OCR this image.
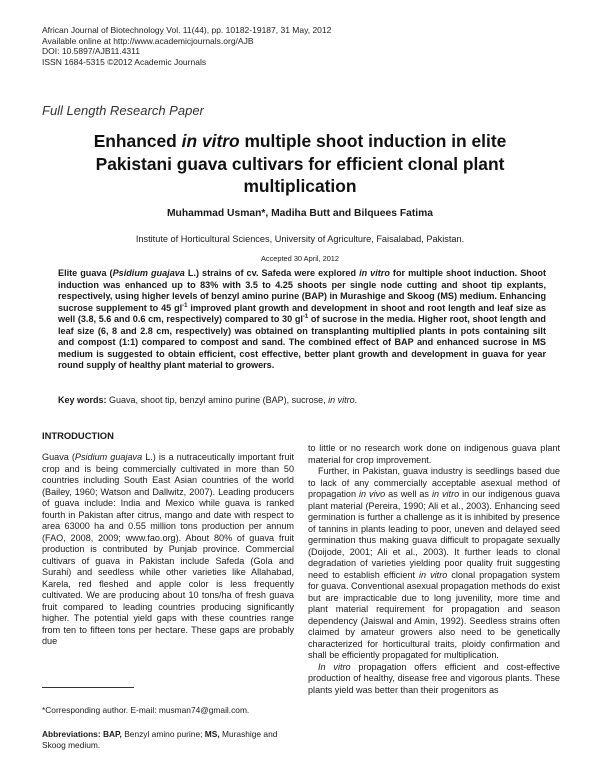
African Journal of Biotechnology Vol. 11(44), pp. 10182-19187, 31 May, 2012
Available online at http://www.academicjournals.org/AJB
DOI: 10.5897/AJB11.4311
ISSN 1684-5315 ©2012 Academic Journals
Full Length Research Paper
Enhanced in vitro multiple shoot induction in elite Pakistani guava cultivars for efficient clonal plant multiplication
Muhammad Usman*, Madiha Butt and Bilquees Fatima
Institute of Horticultural Sciences, University of Agriculture, Faisalabad, Pakistan.
Accepted 30 April, 2012
Elite guava (Psidium guajava L.) strains of cv. Safeda were explored in vitro for multiple shoot induction. Shoot induction was enhanced up to 83% with 3.5 to 4.25 shoots per single node cutting and shoot tip explants, respectively, using higher levels of benzyl amino purine (BAP) in Murashige and Skoog (MS) medium. Enhancing sucrose supplement to 45 $gl^{-1}$ improved plant growth and development in shoot and root length and leaf size as well (3.8, 5.6 and 0.6 cm, respectively) compared to 30 $gl^{-1}$ of sucrose in the media. Higher root, shoot length and leaf size (6, 8 and 2.8 cm, respectively) was obtained on transplanting multiplied plants in pots containing silt and compost (1:1) compared to compost and sand. The combined effect of BAP and enhanced sucrose in MS medium is suggested to obtain efficient, cost effective, better plant growth and development in guava for year round supply of healthy plant material to growers.
Key words: Guava, shoot tip, benzyl amino purine (BAP), sucrose, in vitro.
INTRODUCTION

Guava (Psidium guajava L.) is a nutraceutically important fruit crop and is being commercially cultivated in more than 50 countries including South East Asian countries of the world (Bailey, 1960; Watson and Dallwitz, 2007). Leading producers of guava include: India and Mexico while guava is ranked fourth in Pakistan after citrus, mango and date with respect to area 63000 ha and 0.55 million tons production per annum (FAO, 2008, 2009; www.fao.org). About 80% of guava fruit production is contributed by Punjab province. Commercial cultivars of guava in Pakistan include Safeda (Gola and Surahi) and seedless while other varieties like Allahabad, Karela, red fleshed and apple color is less frequently cultivated. We are producing about 10 tons/ha of fresh guava fruit compared to leading countries producing significantly higher. The potential yield gaps with these countries range from ten to fifteen tons per hectare. These gaps are probably due

to little or no research work done on indigenous guava plant material for crop improvement.

Further, in Pakistan, guava industry is seedlings based due to lack of any commercially acceptable asexual method of propagation in vivo as well as in vitro in our indigenous guava plant material (Pereira, 1990; Ali et al., 2003). Enhancing seed germination is further a challenge as it is inhibited by presence of tannins in plants leading to poor, uneven and delayed seed germination thus making guava difficult to propagate sexually (Doijode, 2001; Ali et al., 2003). It further leads to clonal degradation of varieties yielding poor quality fruit suggesting need to establish efficient in vitro clonal propagation system for guava. Conventional asexual propagation methods do exist but are impracticable due to long juvenility, more time and plant material requirement for propagation and season dependency (Jaiswal and Amin, 1992). Seedless strains often claimed by amateur growers also need to be genetically characterized for horticultural traits, ploidy confirmation and shall be efficiently propagated for multiplication.

In vitro propagation offers efficient and cost-effective production of healthy, disease free and vigorous plants. These plants yield was better than their progenitors as

*Corresponding author. E-mail: musman74@gmail.com.
Abbreviations: BAP, Benzyl amino purine; MS, Murashige and Skoog medium.
